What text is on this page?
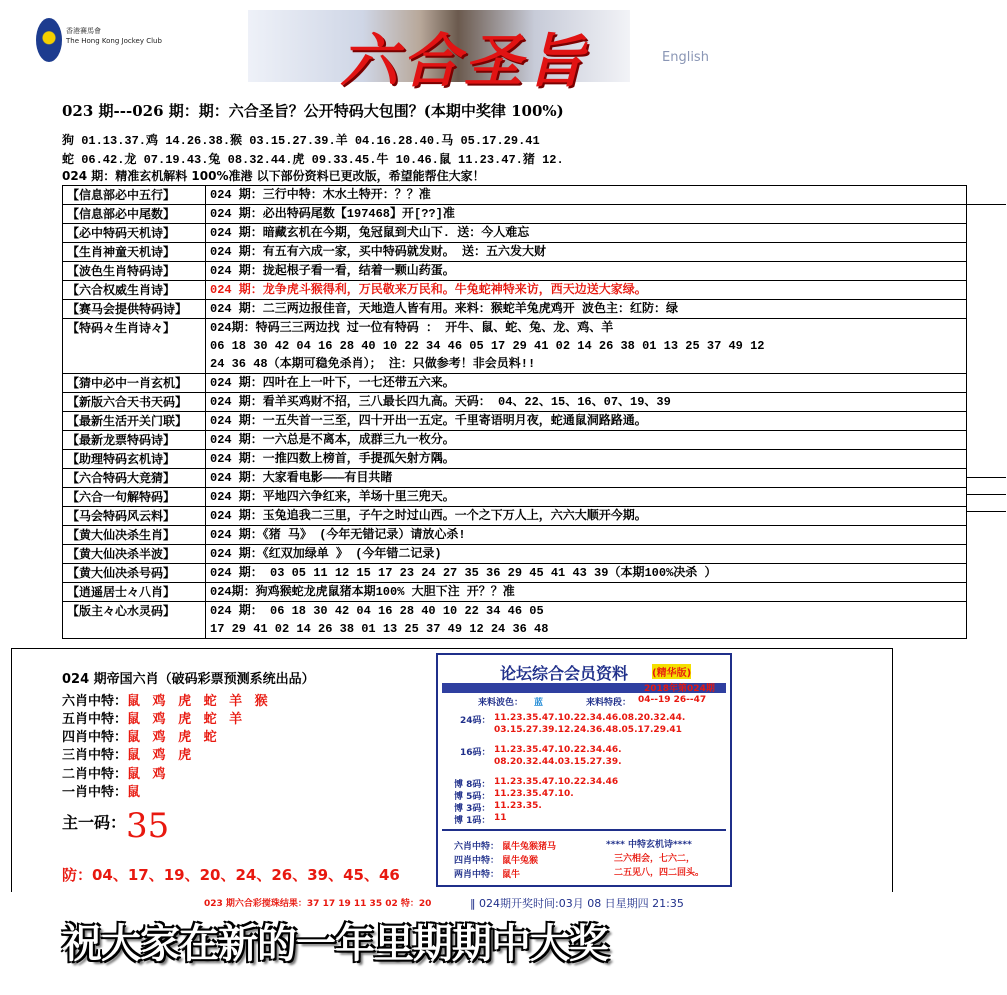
香港賽馬會
The Hong Kong Jockey Club	六合圣旨	English
023 期---026 期：期：六合圣旨？公开特码大包围？(本期中奖律 100%)
狗 01.13.37.鸡 14.26.38.猴 03.15.27.39.羊 04.16.28.40.马 05.17.29.41
蛇 06.42.龙 07.19.43.兔 08.32.44.虎 09.33.45.牛 10.46.鼠 11.23.47.猪 12.
024 期：精准玄机解料 100%准港 以下部份资料已更改版，希望能帮住大家！
【信息部必中五行】	024 期：三行中特：木水土特开：？？准

【信息部必中尾数】	024 期：必出特码尾数【197468】开[??]准

【必中特码天机诗】	024 期：暗藏玄机在今期，兔冠鼠到犬山下. 送：今人难忘

【生肖神童天机诗】	024 期：有五有六成一家，买中特码就发财。 送：五六发大财

【波色生肖特码诗】	024 期：拢起根子看一看，结着一颗山药蛋。

【六合权威生肖诗】	024 期：龙争虎斗猴得利，万民敬来万民和。牛兔蛇神特来访，西天边送大家绿。

【赛马会提供特码诗】	024 期：二三两边报佳音，天地造人皆有用。来料：猴蛇羊兔虎鸡开 波色主：红防：绿

【特码々生肖诗々】	024期：特码三三两边找 过一位有特码 ： 开牛、鼠、蛇、兔、龙、鸡、羊
06 18 30 42 04 16 28 40 10 22 34 46 05 17 29 41 02 14 26 38 01 13 25 37 49 12
24 36 48（本期可稳免杀肖）； 注：只做参考！非会员料!!

【猜中必中一肖玄机】	024 期：四叶在上一叶下，一七还带五六来。

【新版六合天书天码】	024 期：看羊买鸡财不招，三八最长四九高。天码： 04、22、15、16、07、19、39

【最新生活开关门联】	024 期：一五失首一三至，四十开出一五定。千里寄语明月夜，蛇通鼠洞路路通。

【最新龙票特码诗】	024 期：一六总是不离本，成群三九一枚分。

【助理特码玄机诗】	024 期：一推四数上榜首，手提孤矢射方隅。

【六合特码大竞猜】	024 期：大家看电影———有目共睹

【六合一句解特码】	024 期：平地四六争红来，羊场十里三兜天。

【马会特码风云料】	024 期：玉兔追我二三里，子午之时过山西。一个之下万人上，六六大顺开今期。

【黄大仙决杀生肖】	024 期：《猪 马》 (今年无错记录）请放心杀!

【黄大仙决杀半波】	024 期：《红双加绿单 》 (今年错二记录)

【黄大仙决杀号码】	024 期： 03 05 11 12 15 17 23 24 27 35 36 29 45 41 43 39（本期100%决杀 ）

【逍遥居士々八肖】	024期：狗鸡猴蛇龙虎鼠猪本期100% 大胆下注 开？？准

【版主々心水灵码】	024 期： 06 18 30 42 04 16 28 40 10 22 34 46 05
17 29 41 02 14 26 38 01 13 25 37 49 12 24 36 48
024 期帝国六肖（破码彩票预测系统出品）
六肖中特：鼠 鸡 虎 蛇 羊 猴
五肖中特：鼠 鸡 虎 蛇 羊
四肖中特：鼠 鸡 虎 蛇
三肖中特：鼠 鸡 虎
二肖中特：鼠 鸡
一肖中特：鼠
主一码： 35
防：04、17、19、20、24、26、39、45、46
论坛综合会员资料 (精华版)
2018年第024期
来料波色： 蓝	来料特段： 04--19 26--47
24码： 11.23.35.47.10.22.34.46.08.20.32.44.
03.15.27.39.12.24.36.48.05.17.29.41
16码： 11.23.35.47.10.22.34.46.
08.20.32.44.03.15.27.39.
博 8码： 11.23.35.47.10.22.34.46
博 5码： 11.23.35.47.10.
博 3码： 11.23.35.
博 1码： 11
六肖中特： 鼠牛兔猴猪马
四肖中特： 鼠牛兔猴
两肖中特： 鼠牛
**** 中特玄机诗****
三六相会，七六二，
二五见八，四二回头。
023 期六合彩搅珠结果：37 17 19 11 35 02 特：20	‖ 024期开奖时间:03月 08 日星期四 21:35
祝大家在新的一年里期期中大奖
